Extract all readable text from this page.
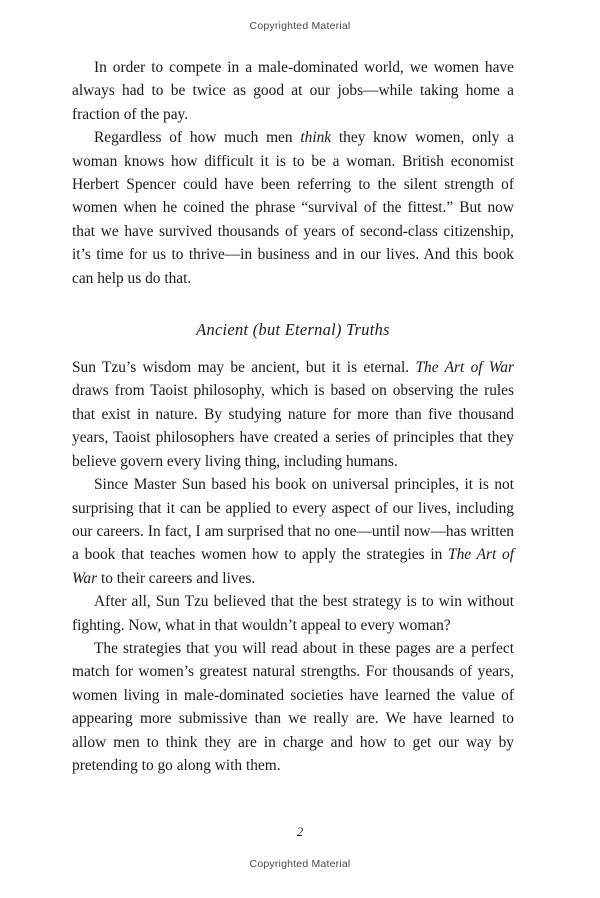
Copyrighted Material

In order to compete in a male-dominated world, we women have always had to be twice as good at our jobs—while taking home a fraction of the pay.

Regardless of how much men think they know women, only a woman knows how difficult it is to be a woman. British economist Herbert Spencer could have been referring to the silent strength of women when he coined the phrase “survival of the fittest.” But now that we have survived thousands of years of second-class citizenship, it’s time for us to thrive—in business and in our lives. And this book can help us do that.

Ancient (but Eternal) Truths

Sun Tzu’s wisdom may be ancient, but it is eternal. The Art of War draws from Taoist philosophy, which is based on observing the rules that exist in nature. By studying nature for more than five thousand years, Taoist philosophers have created a series of principles that they believe govern every living thing, including humans.

Since Master Sun based his book on universal principles, it is not surprising that it can be applied to every aspect of our lives, including our careers. In fact, I am surprised that no one—until now—has written a book that teaches women how to apply the strategies in The Art of War to their careers and lives.

After all, Sun Tzu believed that the best strategy is to win without fighting. Now, what in that wouldn’t appeal to every woman?

The strategies that you will read about in these pages are a perfect match for women’s greatest natural strengths. For thousands of years, women living in male-dominated societies have learned the value of appearing more submissive than we really are. We have learned to allow men to think they are in charge and how to get our way by pretending to go along with them.

2
Copyrighted Material
